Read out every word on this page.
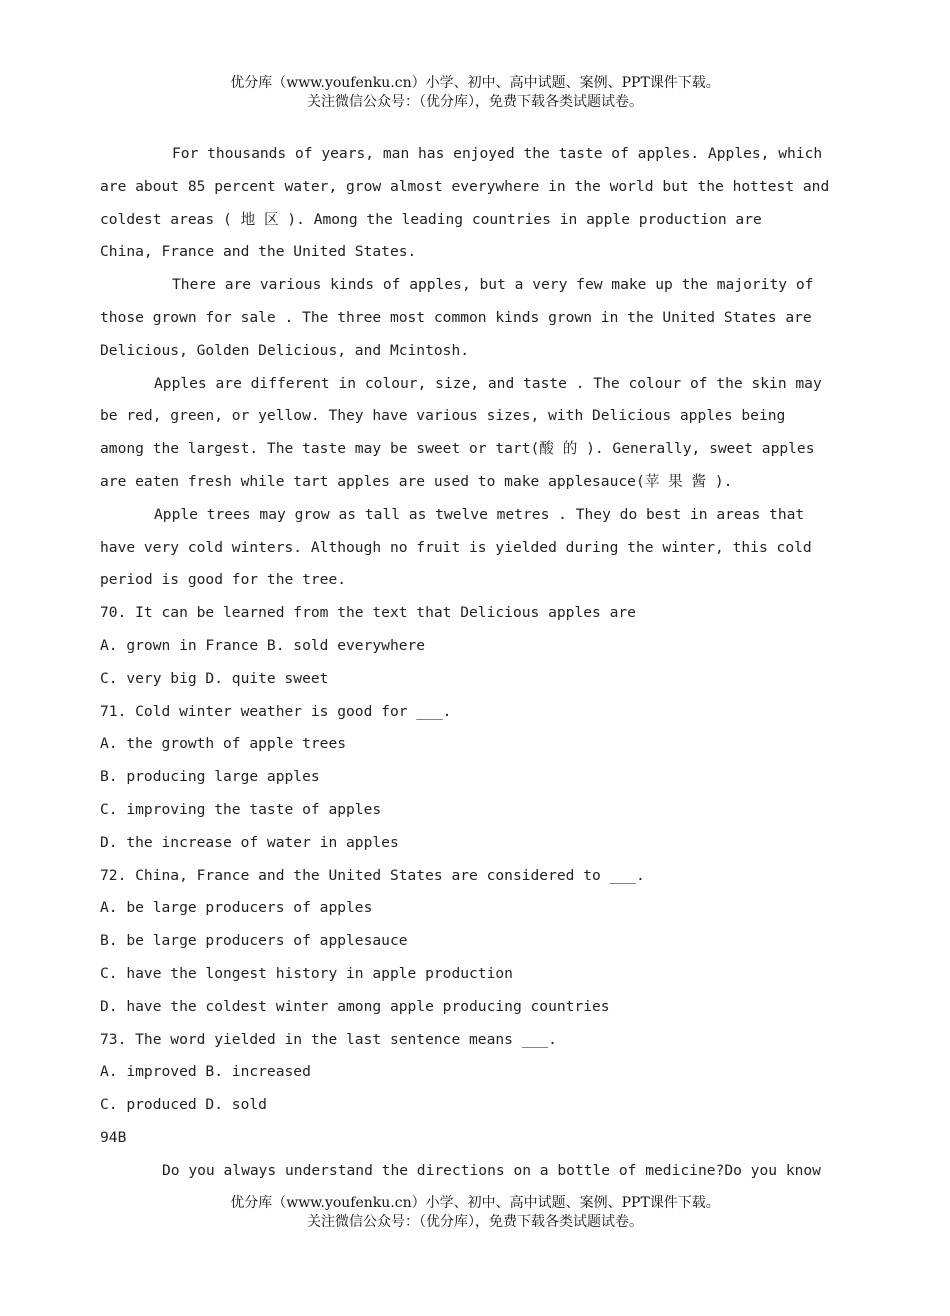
优分库（www.youfenku.cn）小学、初中、高中试题、案例、PPT课件下载。
关注微信公众号：（优分库），免费下载各类试题试卷。
For thousands of years, man has enjoyed the taste of apples. Apples, which
are about 85 percent water, grow almost everywhere in the world but the hottest and
coldest areas ( 地 区 ). Among the leading countries in apple production are
China, France and the United States.
There are various kinds of apples, but a very few make up the majority of
those grown for sale . The three most common kinds grown in the United States are
Delicious, Golden Delicious, and Mcintosh.
Apples are different in colour, size, and taste . The colour of the skin may
be red, green, or yellow. They have various sizes, with Delicious apples being
among the largest. The taste may be sweet or tart(酸 的 ). Generally, sweet apples
are eaten fresh while tart apples are used to make applesauce(苹 果 酱 ).
Apple trees may grow as tall as twelve metres . They do best in areas that
have very cold winters. Although no fruit is yielded during the winter, this cold
period is good for the tree.
70. It can be learned from the text that Delicious apples are
A. grown in France B. sold everywhere
C. very big D. quite sweet
71. Cold winter weather is good for ___.
A. the growth of apple trees
B. producing large apples
C. improving the taste of apples
D. the increase of water in apples
72. China, France and the United States are considered to ___.
A. be large producers of apples
B. be large producers of applesauce
C. have the longest history in apple production
D. have the coldest winter among apple producing countries
73. The word yielded in the last sentence means ___.
A. improved B. increased
C. produced D. sold
94B
Do you always understand the directions on a bottle of medicine?Do you know
优分库（www.youfenku.cn）小学、初中、高中试题、案例、PPT课件下载。
关注微信公众号：（优分库），免费下载各类试题试卷。
